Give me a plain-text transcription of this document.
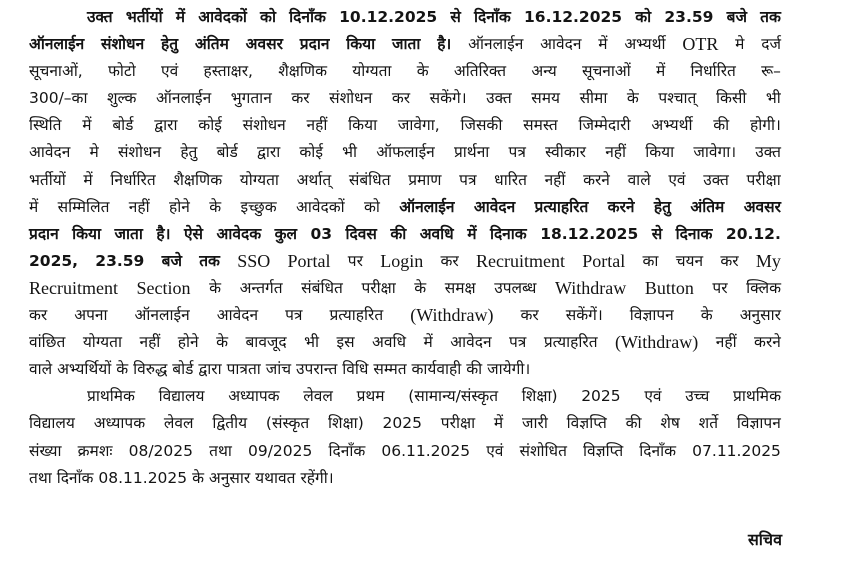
उक्त भर्तीयों में आवेदकों को दिनाँक 10.12.2025 से दिनाँक 16.12.2025 को 23.59 बजे तक
ऑनलाईन संशोधन हेतु अंतिम अवसर प्रदान किया जाता है। ऑनलाईन आवेदन में अभ्यर्थी OTR मे दर्ज
सूचनाओं, फोटो एवं हस्ताक्षर, शैक्षणिक योग्यता के अतिरिक्त अन्य सूचनाओं में निर्धारित रू–
300/–का शुल्क ऑनलाईन भुगतान कर संशोधन कर सकेंगे। उक्त समय सीमा के पश्चात् किसी भी
स्थिति में बोर्ड द्वारा कोई संशोधन नहीं किया जावेगा, जिसकी समस्त जिम्मेदारी अभ्यर्थी की होगी।
आवेदन मे संशोधन हेतु बोर्ड द्वारा कोई भी ऑफलाईन प्रार्थना पत्र स्वीकार नहीं किया जावेगा। उक्त
भर्तीयों में निर्धारित शैक्षणिक योग्यता अर्थात् संबंधित प्रमाण पत्र धारित नहीं करने वाले एवं उक्त परीक्षा
में सम्मिलित नहीं होने के इच्छुक आवेदकों को ऑनलाईन आवेदन प्रत्याहरित करने हेतु अंतिम अवसर
प्रदान किया जाता है। ऐसे आवेदक कुल 03 दिवस की अवधि में दिनाक 18.12.2025 से दिनाक 20.12.
2025, 23.59 बजे तक SSO Portal पर Login कर Recruitment Portal का चयन कर My
Recruitment Section के अन्तर्गत संबंधित परीक्षा के समक्ष उपलब्ध Withdraw Button पर क्लिक
कर अपना ऑनलाईन आवेदन पत्र प्रत्याहरित (Withdraw) कर सकेंगें। विज्ञापन के अनुसार
वांछित योग्यता नहीं होने के बावजूद भी इस अवधि में आवेदन पत्र प्रत्याहरित (Withdraw) नहीं करने
वाले अभ्यर्थियों के विरुद्ध बोर्ड द्वारा पात्रता जांच उपरान्त विधि सम्मत कार्यवाही की जायेगी।
प्राथमिक विद्यालय अध्यापक लेवल प्रथम (सामान्य/संस्कृत शिक्षा) 2025 एवं उच्च प्राथमिक
विद्यालय अध्यापक लेवल द्वितीय (संस्कृत शिक्षा) 2025 परीक्षा में जारी विज्ञप्ति की शेष शर्ते विज्ञापन
संख्या क्रमशः 08/2025 तथा 09/2025 दिनाँक 06.11.2025 एवं संशोधित विज्ञप्ति दिनाँक 07.11.2025
तथा दिनाँक 08.11.2025 के अनुसार यथावत रहेंगी।
सचिव
